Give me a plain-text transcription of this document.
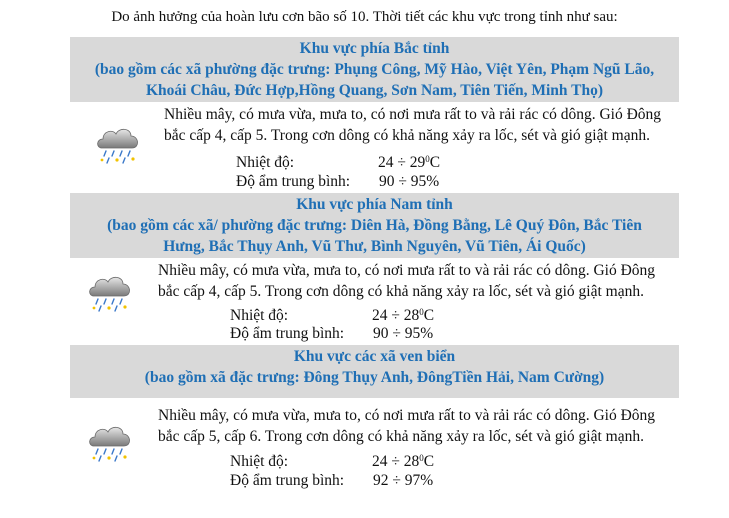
Do ảnh hưởng của hoàn lưu cơn bão số 10. Thời tiết các khu vực trong tỉnh như sau:
Khu vực phía Bắc tỉnh
(bao gồm các xã phường đặc trưng: Phụng Công, Mỹ Hào, Việt Yên, Phạm Ngũ Lão,
Khoái Châu, Đức Hợp,Hồng Quang, Sơn Nam, Tiên Tiến, Minh Thọ)
Nhiều mây, có mưa vừa, mưa to, có nơi mưa rất to và rải rác có dông. Gió Đông
bắc cấp 4, cấp 5. Trong cơn dông có khả năng xảy ra lốc, sét và gió giật mạnh.
Nhiệt độ:	$24 \div 29^0C$
Độ ẩm trung bình: 90 ÷ 95%
Khu vực phía Nam tỉnh
(bao gồm các xã/ phường đặc trưng: Diên Hà, Đồng Bằng, Lê Quý Đôn, Bắc Tiên
Hưng, Bắc Thụy Anh, Vũ Thư, Bình Nguyên, Vũ Tiên, Ái Quốc)
Nhiều mây, có mưa vừa, mưa to, có nơi mưa rất to và rải rác có dông. Gió Đông
bắc cấp 4, cấp 5. Trong cơn dông có khả năng xảy ra lốc, sét và gió giật mạnh.
Nhiệt độ:	$24 \div 28^0C$
Độ ẩm trung bình: 90 ÷ 95%
Khu vực các xã ven biển
(bao gồm xã đặc trưng: Đông Thụy Anh, ĐôngTiền Hải, Nam Cường)
Nhiều mây, có mưa vừa, mưa to, có nơi mưa rất to và rải rác có dông. Gió Đông
bắc cấp 5, cấp 6. Trong cơn dông có khả năng xảy ra lốc, sét và gió giật mạnh.
Nhiệt độ:	$24 \div 28^0C$
Độ ẩm trung bình: 92 ÷ 97%
